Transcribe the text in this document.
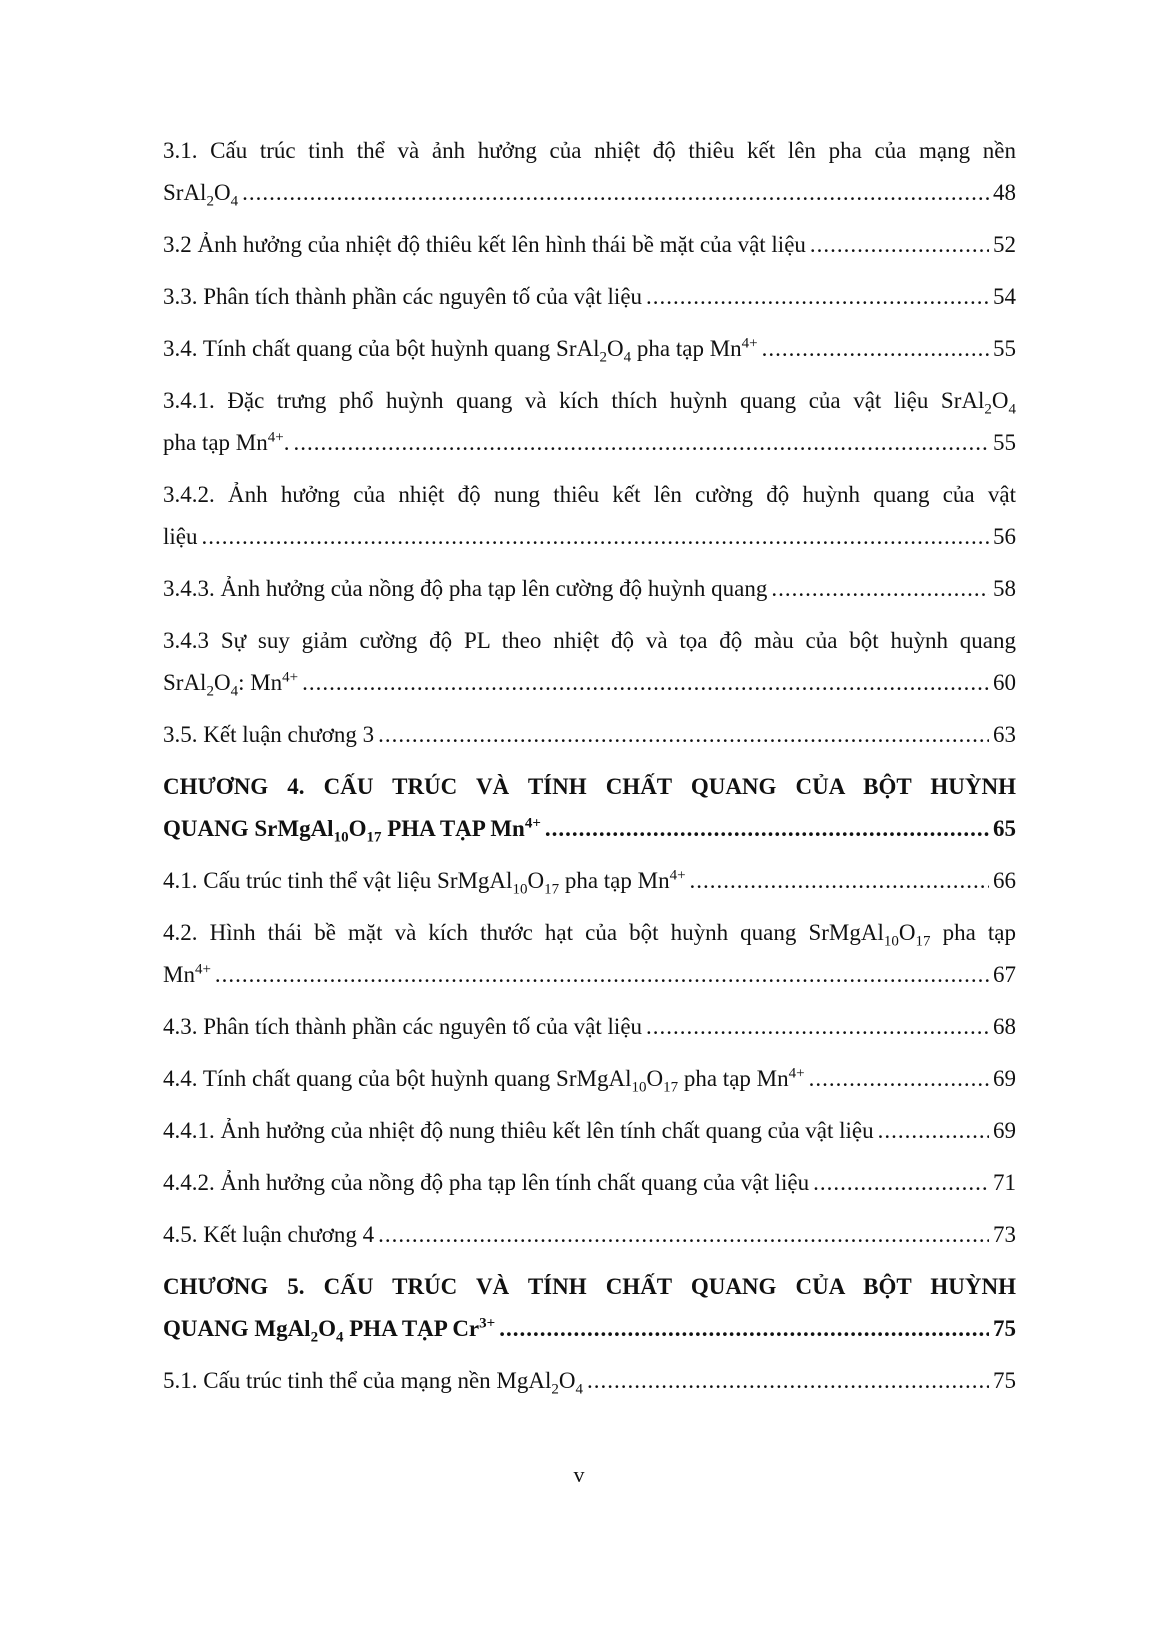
3.1. Cấu trúc tinh thể và ảnh hưởng của nhiệt độ thiêu kết lên pha của mạng nền
$SrAl_2O_4$ .....	48
3.2 Ảnh hưởng của nhiệt độ thiêu kết lên hình thái bề mặt của vật liệu .....	52
3.3. Phân tích thành phần các nguyên tố của vật liệu .....	54
3.4. Tính chất quang của bột huỳnh quang $SrAl_2O_4$ pha tạp $Mn^{4+}$ .....	55
3.4.1. Đặc trưng phổ huỳnh quang và kích thích huỳnh quang của vật liệu $SrAl_2O_4$
pha tạp $Mn^{4+}$. .....	55
3.4.2. Ảnh hưởng của nhiệt độ nung thiêu kết lên cường độ huỳnh quang của vật
liệu .....	56
3.4.3. Ảnh hưởng của nồng độ pha tạp lên cường độ huỳnh quang .....	58
3.4.3 Sự suy giảm cường độ PL theo nhiệt độ và tọa độ màu của bột huỳnh quang
$SrAl_2O_4$: $Mn^{4+}$ .....	60
3.5. Kết luận chương 3 .....	63
CHƯƠNG 4. CẤU TRÚC VÀ TÍNH CHẤT QUANG CỦA BỘT HUỲNH
QUANG $SrMgAl_{10}O_{17}$ PHA TẠP $Mn^{4+}$ .....	65
4.1. Cấu trúc tinh thể vật liệu $SrMgAl_{10}O_{17}$ pha tạp $Mn^{4+}$ .....	66
4.2. Hình thái bề mặt và kích thước hạt của bột huỳnh quang $SrMgAl_{10}O_{17}$ pha tạp
$Mn^{4+}$ .....	67
4.3. Phân tích thành phần các nguyên tố của vật liệu .....	68
4.4. Tính chất quang của bột huỳnh quang $SrMgAl_{10}O_{17}$ pha tạp $Mn^{4+}$ .....	69
4.4.1. Ảnh hưởng của nhiệt độ nung thiêu kết lên tính chất quang của vật liệu .....	69
4.4.2. Ảnh hưởng của nồng độ pha tạp lên tính chất quang của vật liệu .....	71
4.5. Kết luận chương 4 .....	73
CHƯƠNG 5. CẤU TRÚC VÀ TÍNH CHẤT QUANG CỦA BỘT HUỲNH
QUANG $MgAl_2O_4$ PHA TẠP $Cr^{3+}$ .....	75
5.1. Cấu trúc tinh thể của mạng nền $MgAl_2O_4$ .....	75
v
